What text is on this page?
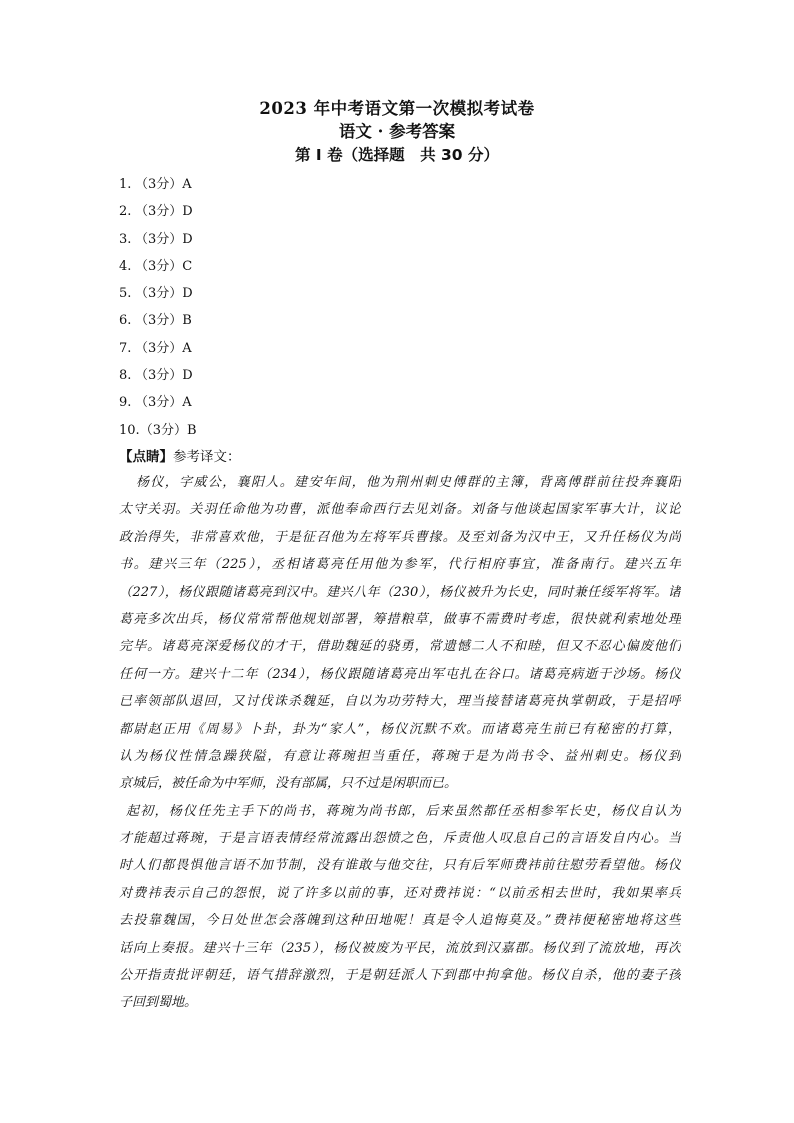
2023 年中考语文第一次模拟考试卷
语文 · 参考答案
第 I 卷（选择题　共 30 分）
1. （3分）A
2. （3分）D
3. （3分）D
4. （3分）C
5. （3分）D
6. （3分）B
7. （3分）A
8. （3分）D
9. （3分）A
10.（3分）B
【点睛】参考译文：
杨仪，字威公，襄阳人。建安年间，他为荆州刺史傅群的主簿，背离傅群前往投奔襄阳
太守关羽。关羽任命他为功曹，派他奉命西行去见刘备。刘备与他谈起国家军事大计，议论
政治得失，非常喜欢他，于是征召他为左将军兵曹掾。及至刘备为汉中王，又升任杨仪为尚
书。建兴三年（225），丞相诸葛亮任用他为参军，代行相府事宜，准备南行。建兴五年
（227），杨仪跟随诸葛亮到汉中。建兴八年（230），杨仪被升为长史，同时兼任绥军将军。诸
葛亮多次出兵，杨仪常常帮他规划部署，筹措粮草，做事不需费时考虑，很快就利索地处理
完毕。诸葛亮深爱杨仪的才干，借助魏延的骁勇，常遗憾二人不和睦，但又不忍心偏废他们
任何一方。建兴十二年（234），杨仪跟随诸葛亮出军屯扎在谷口。诸葛亮病逝于沙场。杨仪
已率领部队退回，又讨伐诛杀魏延，自以为功劳特大，理当接替诸葛亮执掌朝政，于是招呼
都尉赵正用《周易》卜卦，卦为“家人”，杨仪沉默不欢。而诸葛亮生前已有秘密的打算，
认为杨仪性情急躁狭隘，有意让蒋琬担当重任，蒋琬于是为尚书令、益州刺史。杨仪到
京城后，被任命为中军师，没有部属，只不过是闲职而已。
起初，杨仪任先主手下的尚书，蒋琬为尚书郎，后来虽然都任丞相参军长史，杨仪自认为
才能超过蒋琬，于是言语表情经常流露出怨愤之色，斥责他人叹息自己的言语发自内心。当
时人们都畏惧他言语不加节制，没有谁敢与他交往，只有后军师费祎前往慰劳看望他。杨仪
对费祎表示自己的怨恨，说了许多以前的事，还对费祎说：“以前丞相去世时，我如果率兵
去投靠魏国，今日处世怎会落魄到这种田地呢！真是令人追悔莫及。”费祎便秘密地将这些
话向上奏报。建兴十三年（235），杨仪被废为平民，流放到汉嘉郡。杨仪到了流放地，再次
公开指责批评朝廷，语气措辞激烈，于是朝廷派人下到郡中拘拿他。杨仪自杀，他的妻子孩
子回到蜀地。
